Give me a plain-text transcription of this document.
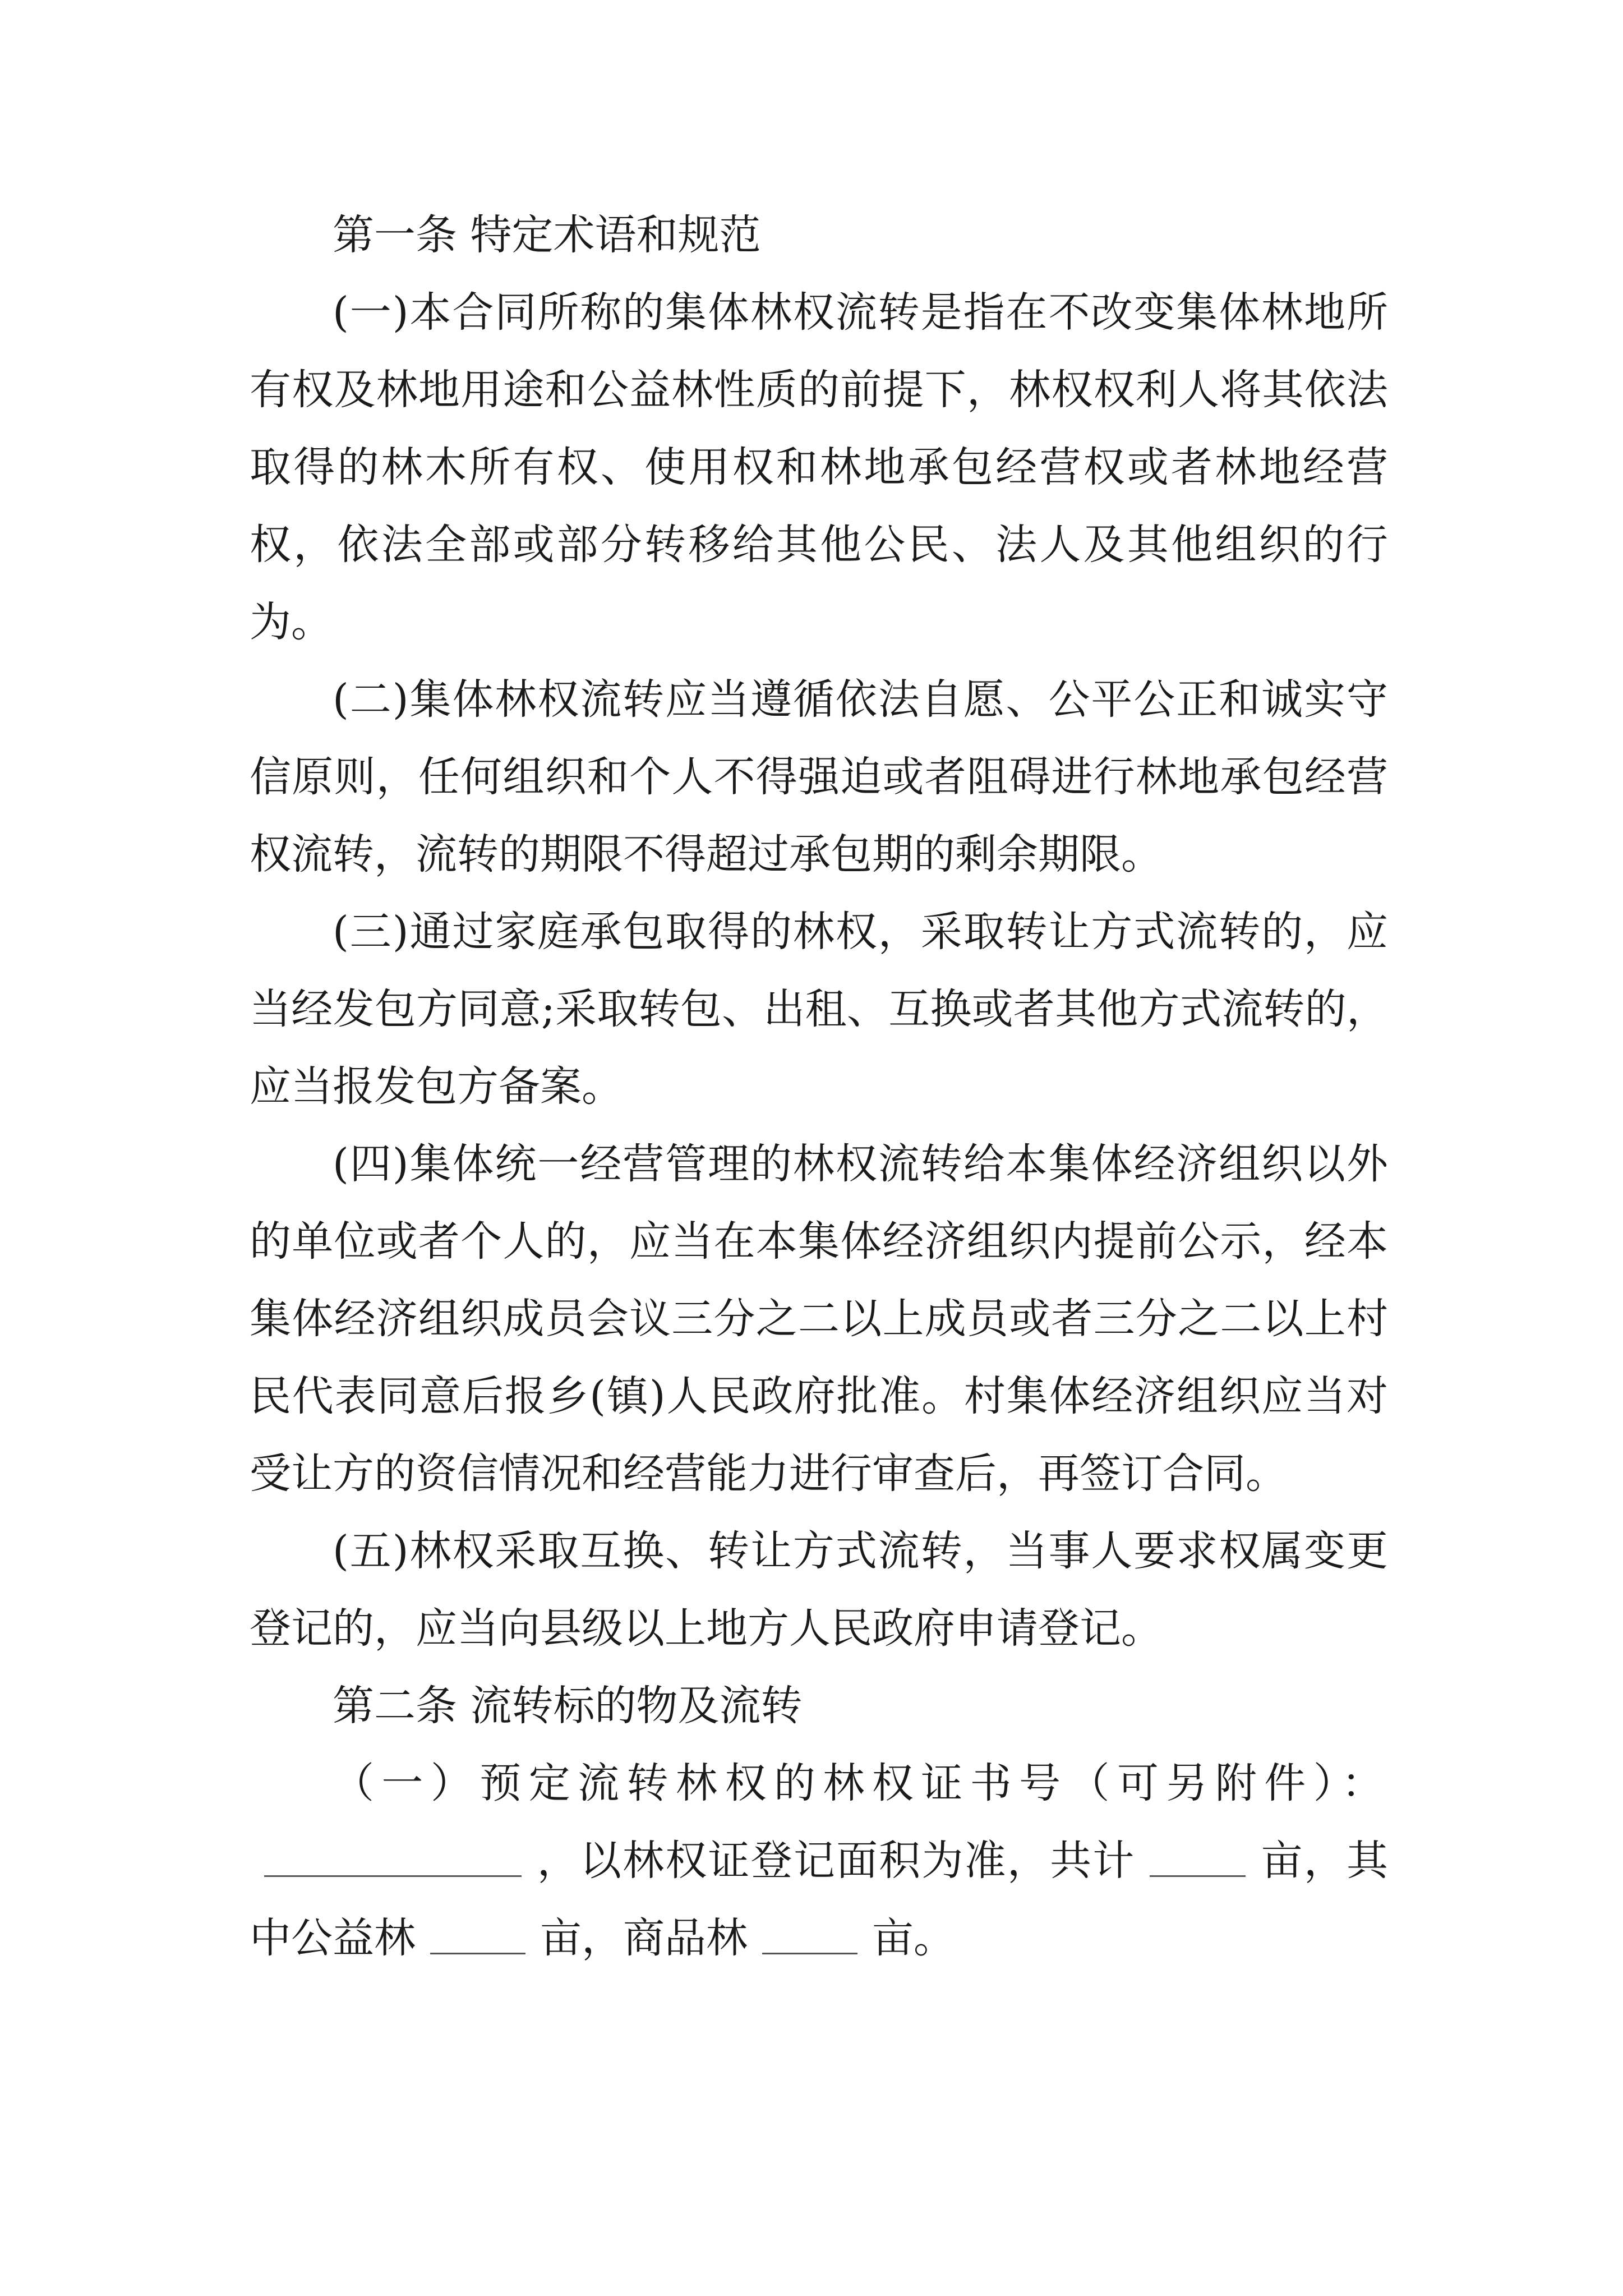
第一条 特定术语和规范

(一)本合同所称的集体林权流转是指在不改变集体林地所有权及林地用途和公益林性质的前提下，林权权利人将其依法取得的林木所有权、使用权和林地承包经营权或者林地经营权，依法全部或部分转移给其他公民、法人及其他组织的行为。

(二)集体林权流转应当遵循依法自愿、公平公正和诚实守信原则，任何组织和个人不得强迫或者阻碍进行林地承包经营权流转，流转的期限不得超过承包期的剩余期限。

(三)通过家庭承包取得的林权，采取转让方式流转的，应当经发包方同意;采取转包、出租、互换或者其他方式流转的，应当报发包方备案。

(四)集体统一经营管理的林权流转给本集体经济组织以外的单位或者个人的，应当在本集体经济组织内提前公示，经本集体经济组织成员会议三分之二以上成员或者三分之二以上村民代表同意后报乡(镇)人民政府批准。村集体经济组织应当对受让方的资信情况和经营能力进行审查后，再签订合同。

(五)林权采取互换、转让方式流转，当事人要求权属变更登记的，应当向县级以上地方人民政府申请登记。

第二条 流转标的物及流转

（一）预定流转林权的林权证书号（可另附件）：，以林权证登记面积为准，共计	亩，其中公益林	亩，商品林	亩。
